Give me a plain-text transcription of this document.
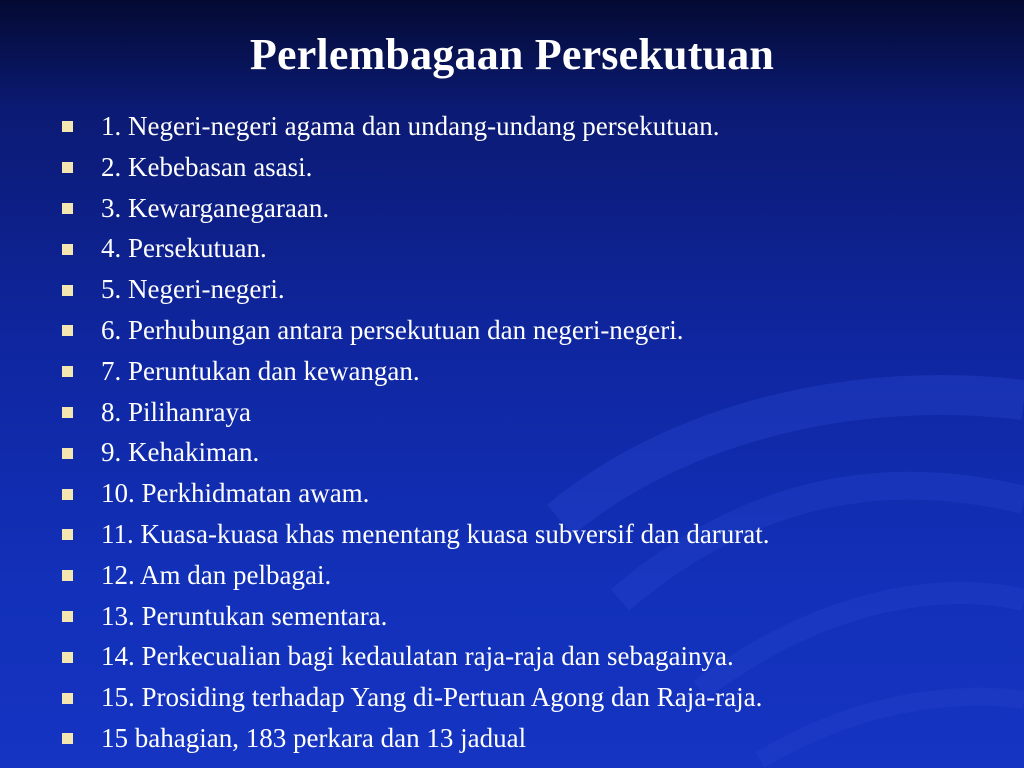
Perlembagaan Persekutuan
1. Negeri-negeri agama dan undang-undang persekutuan.
2. Kebebasan asasi.
3. Kewarganegaraan.
4. Persekutuan.
5. Negeri-negeri.
6. Perhubungan antara persekutuan dan negeri-negeri.
7. Peruntukan dan kewangan.
8. Pilihanraya
9. Kehakiman.
10. Perkhidmatan awam.
11. Kuasa-kuasa khas menentang kuasa subversif dan darurat.
12. Am dan pelbagai.
13. Peruntukan sementara.
14. Perkecualian bagi kedaulatan raja-raja dan sebagainya.
15. Prosiding terhadap Yang di-Pertuan Agong dan Raja-raja.
15 bahagian, 183 perkara dan 13 jadual
